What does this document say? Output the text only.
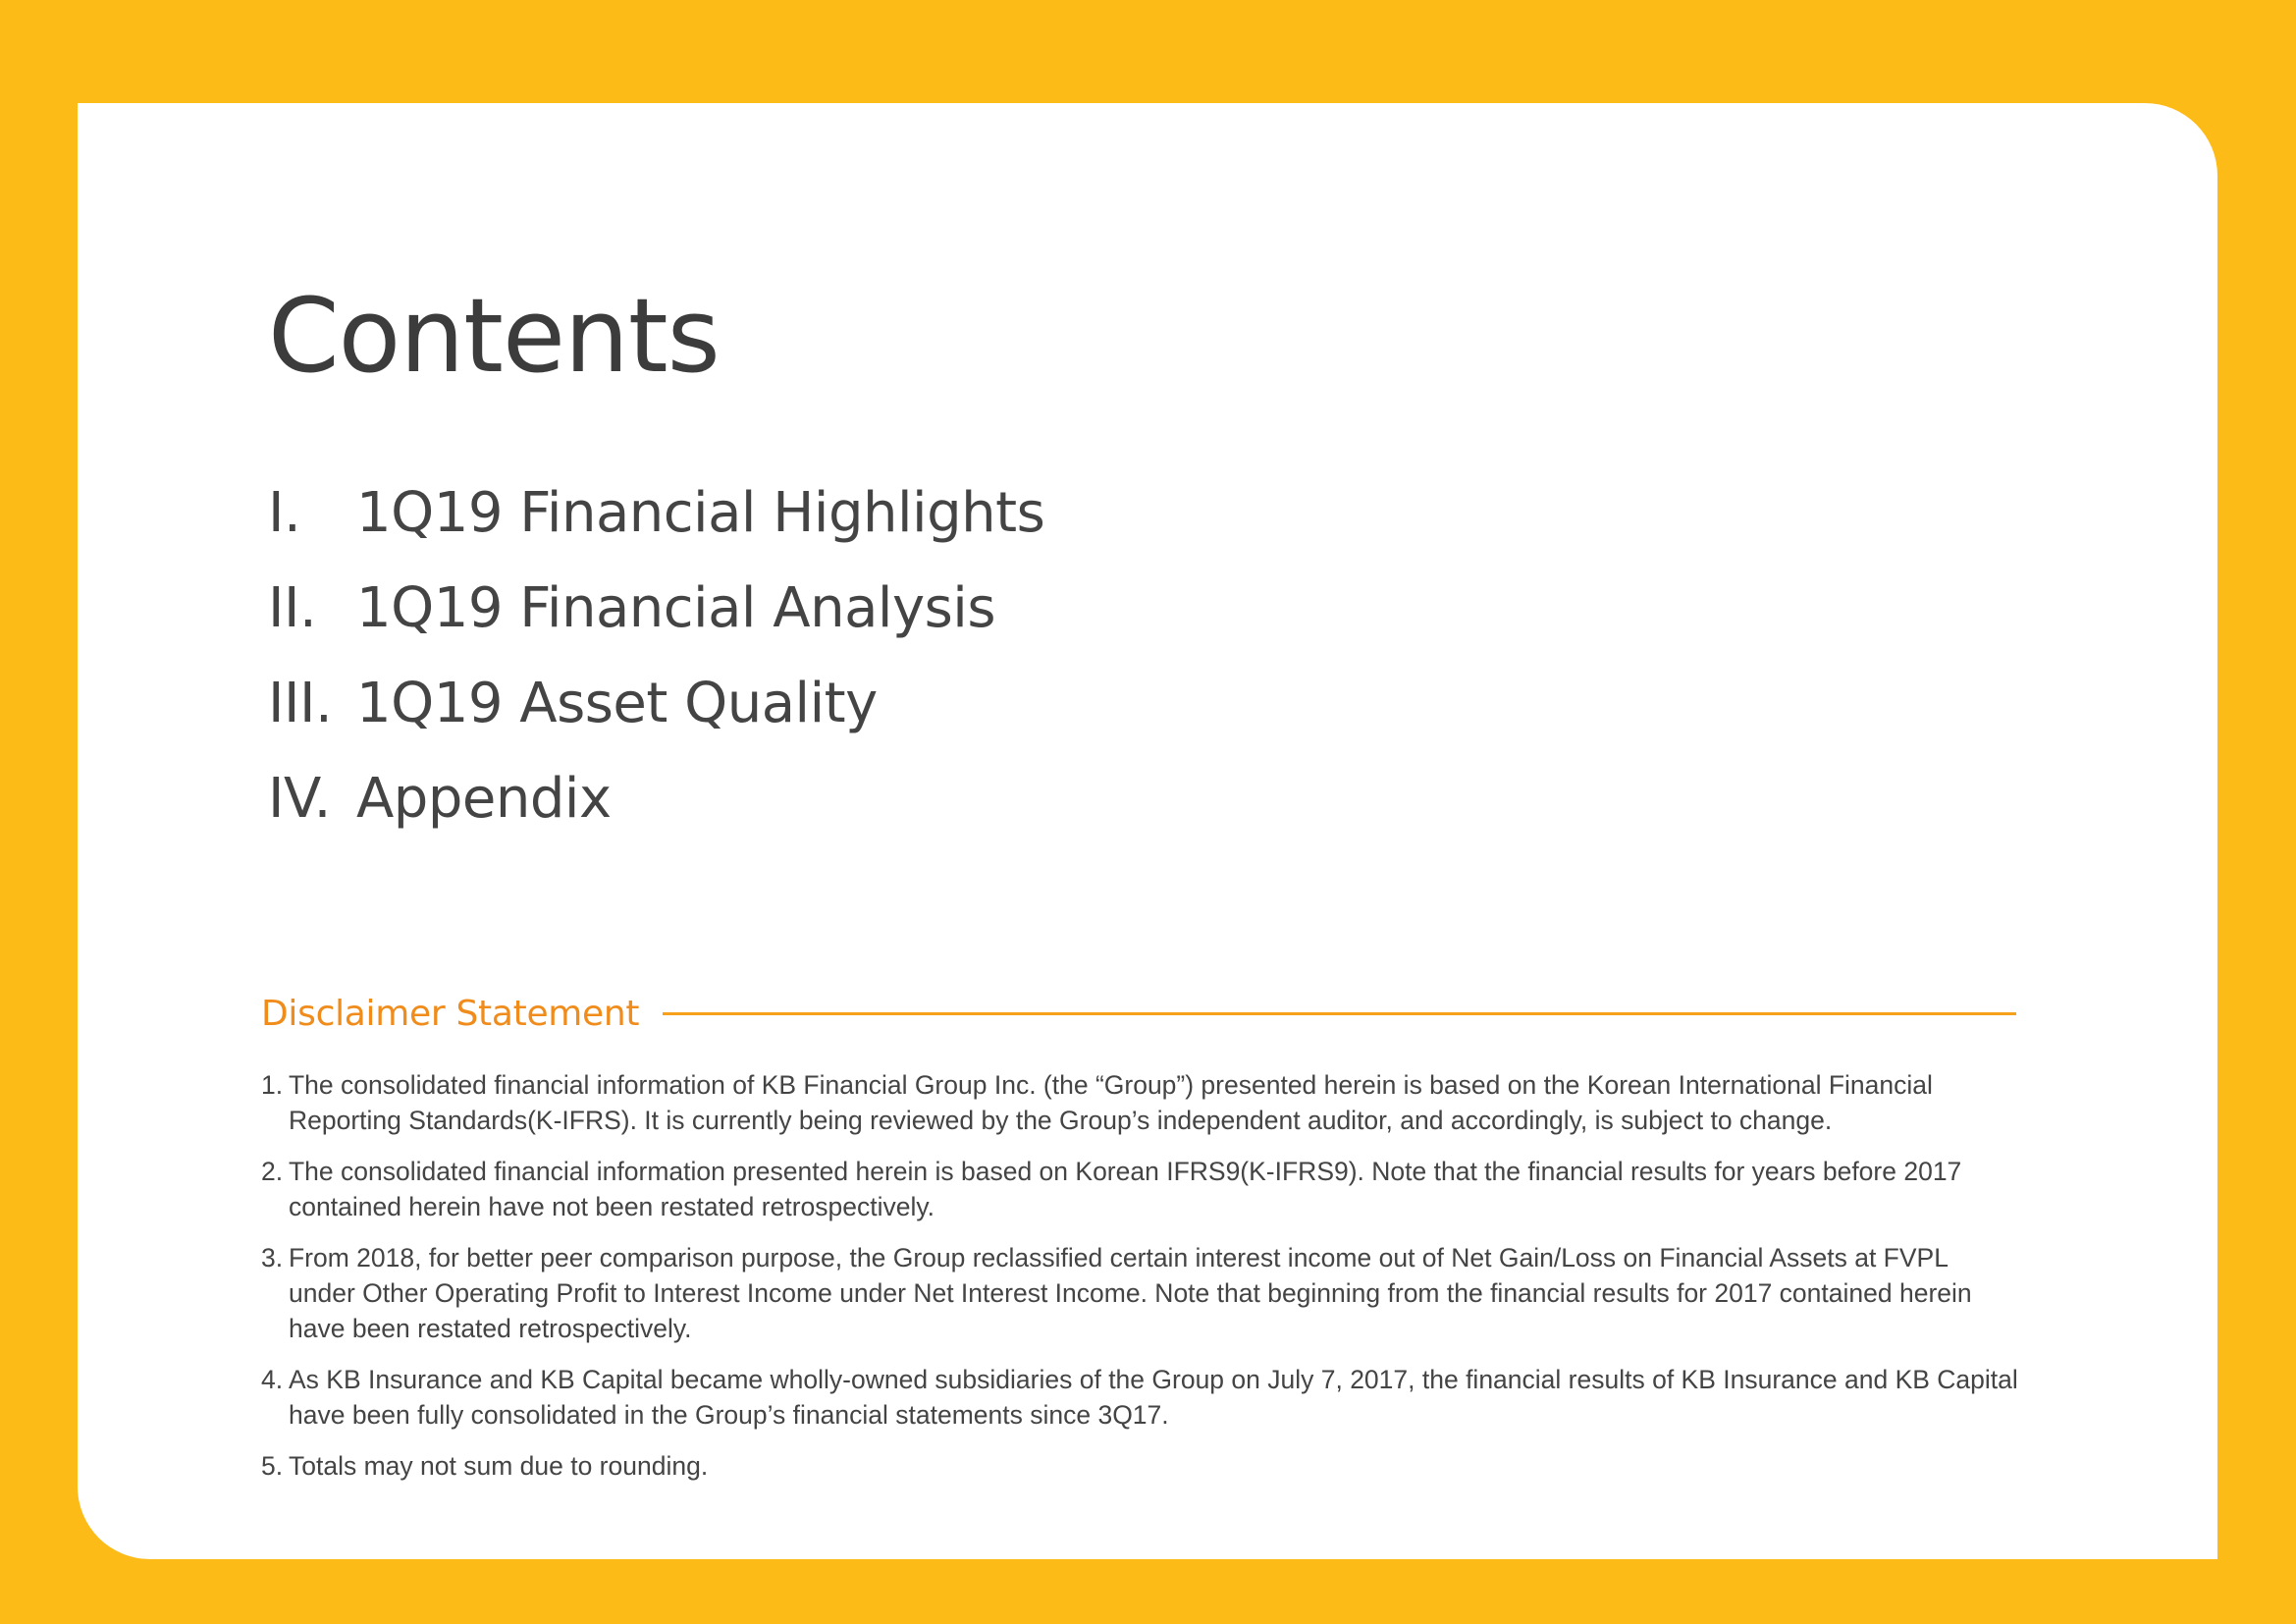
Contents
I.	1Q19 Financial Highlights
II. 1Q19 Financial Analysis
III. 1Q19 Asset Quality
IV. Appendix
Disclaimer Statement
1. The consolidated financial information of KB Financial Group Inc. (the “Group”) presented herein is based on the Korean International Financial Reporting Standards(K-IFRS). It is currently being reviewed by the Group’s independent auditor, and accordingly, is subject to change.
2. The consolidated financial information presented herein is based on Korean IFRS9(K-IFRS9). Note that the financial results for years before 2017 contained herein have not been restated retrospectively.
3. From 2018, for better peer comparison purpose, the Group reclassified certain interest income out of Net Gain/Loss on Financial Assets at FVPL under Other Operating Profit to Interest Income under Net Interest Income. Note that beginning from the financial results for 2017 contained herein have been restated retrospectively.
4. As KB Insurance and KB Capital became wholly-owned subsidiaries of the Group on July 7, 2017, the financial results of KB Insurance and KB Capital have been fully consolidated in the Group’s financial statements since 3Q17.
5. Totals may not sum due to rounding.
